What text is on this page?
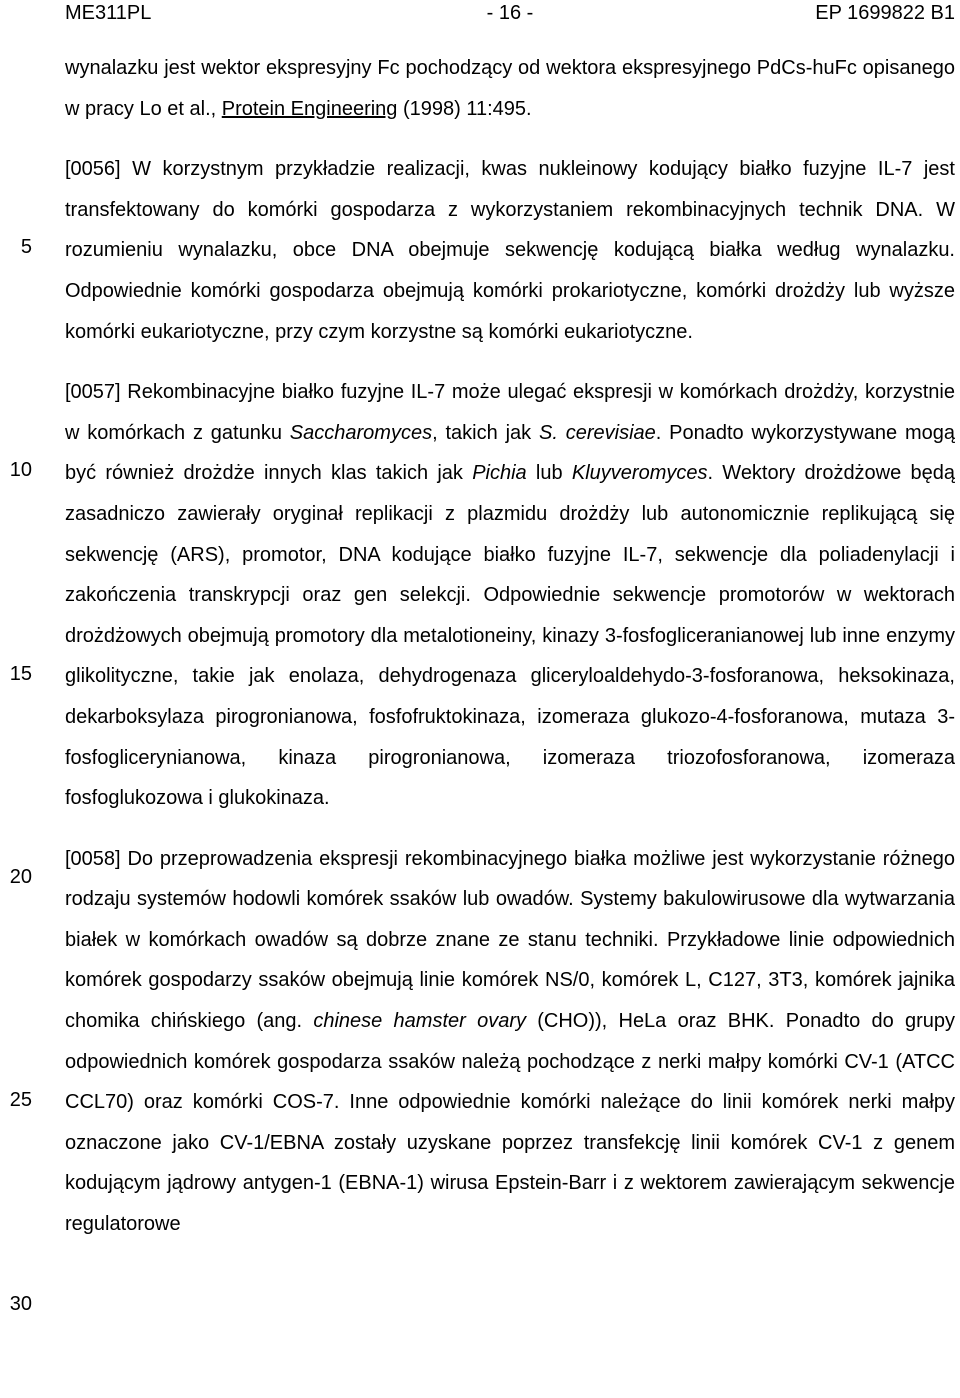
ME311PL	- 16 -	EP 1699822 B1
5
10
15
20
25
30

wynalazku jest wektor ekspresyjny Fc pochodzący od wektora ekspresyjnego PdCs-huFc opisanego w pracy Lo et al., Protein Engineering (1998) 11:495.

[0056] W korzystnym przykładzie realizacji, kwas nukleinowy kodujący białko fuzyjne IL-7 jest transfektowany do komórki gospodarza z wykorzystaniem rekombinacyjnych technik DNA. W rozumieniu wynalazku, obce DNA obejmuje sekwencję kodującą białka według wynalazku. Odpowiednie komórki gospodarza obejmują komórki prokariotyczne, komórki drożdży lub wyższe komórki eukariotyczne, przy czym korzystne są komórki eukariotyczne.

[0057] Rekombinacyjne białko fuzyjne IL-7 może ulegać ekspresji w komórkach drożdży, korzystnie w komórkach z gatunku Saccharomyces, takich jak S. cerevisiae. Ponadto wykorzystywane mogą być również drożdże innych klas takich jak Pichia lub Kluyveromyces. Wektory drożdżowe będą zasadniczo zawierały oryginał replikacji z plazmidu drożdży lub autonomicznie replikującą się sekwencję (ARS), promotor, DNA kodujące białko fuzyjne IL-7, sekwencje dla poliadenylacji i zakończenia transkrypcji oraz gen selekcji. Odpowiednie sekwencje promotorów w wektorach drożdżowych obejmują promotory dla metalotioneiny, kinazy 3-fosfogliceranianowej lub inne enzymy glikolityczne, takie jak enolaza, dehydrogenaza gliceryloaldehydo-3-fosforanowa, heksokinaza, dekarboksylaza pirogronianowa, fosfofruktokinaza, izomeraza glukozo-4-fosforanowa, mutaza 3-fosfoglicerynianowa, kinaza pirogronianowa, izomeraza triozofosforanowa, izomeraza fosfoglukozowa i glukokinaza.

[0058] Do przeprowadzenia ekspresji rekombinacyjnego białka możliwe jest wykorzystanie różnego rodzaju systemów hodowli komórek ssaków lub owadów. Systemy bakulowirusowe dla wytwarzania białek w komórkach owadów są dobrze znane ze stanu techniki. Przykładowe linie odpowiednich komórek gospodarzy ssaków obejmują linie komórek NS/0, komórek L, C127, 3T3, komórek jajnika chomika chińskiego (ang. chinese hamster ovary (CHO)), HeLa oraz BHK. Ponadto do grupy odpowiednich komórek gospodarza ssaków należą pochodzące z nerki małpy komórki CV-1 (ATCC CCL70) oraz komórki COS-7. Inne odpowiednie komórki należące do linii komórek nerki małpy oznaczone jako CV-1/EBNA zostały uzyskane poprzez transfekcję linii komórek CV-1 z genem kodującym jądrowy antygen-1 (EBNA-1) wirusa Epstein-Barr i z wektorem zawierającym sekwencje regulatorowe
